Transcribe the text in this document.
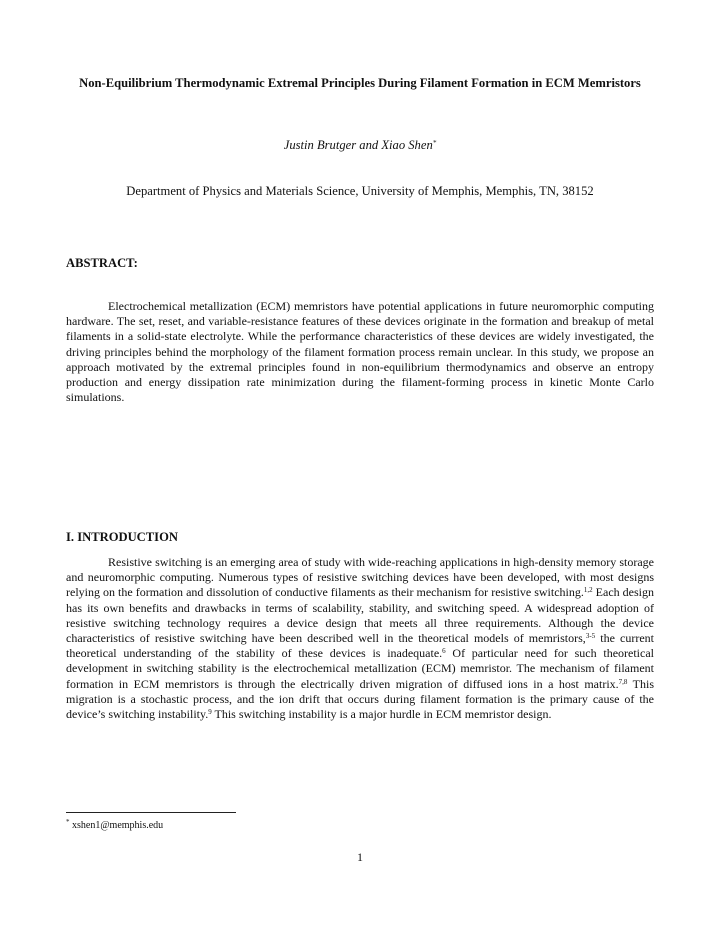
Non-Equilibrium Thermodynamic Extremal Principles During Filament Formation in ECM Memristors
Justin Brutger and Xiao Shen*
Department of Physics and Materials Science, University of Memphis, Memphis, TN, 38152
ABSTRACT:
Electrochemical metallization (ECM) memristors have potential applications in future neuromorphic computing hardware. The set, reset, and variable-resistance features of these devices originate in the formation and breakup of metal filaments in a solid-state electrolyte. While the performance characteristics of these devices are widely investigated, the driving principles behind the morphology of the filament formation process remain unclear. In this study, we propose an approach motivated by the extremal principles found in non-equilibrium thermodynamics and observe an entropy production and energy dissipation rate minimization during the filament-forming process in kinetic Monte Carlo simulations.
I. INTRODUCTION
Resistive switching is an emerging area of study with wide-reaching applications in high-density memory storage and neuromorphic computing. Numerous types of resistive switching devices have been developed, with most designs relying on the formation and dissolution of conductive filaments as their mechanism for resistive switching.$^{1,2}$ Each design has its own benefits and drawbacks in terms of scalability, stability, and switching speed. A widespread adoption of resistive switching technology requires a device design that meets all three requirements. Although the device characteristics of resistive switching have been described well in the theoretical models of memristors,$^{3-5}$ the current theoretical understanding of the stability of these devices is inadequate.$^6$ Of particular need for such theoretical development in switching stability is the electrochemical metallization (ECM) memristor. The mechanism of filament formation in ECM memristors is through the electrically driven migration of diffused ions in a host matrix.$^{7,8}$ This migration is a stochastic process, and the ion drift that occurs during filament formation is the primary cause of the device’s switching instability.$^9$ This switching instability is a major hurdle in ECM memristor design.
* xshen1@memphis.edu
1
